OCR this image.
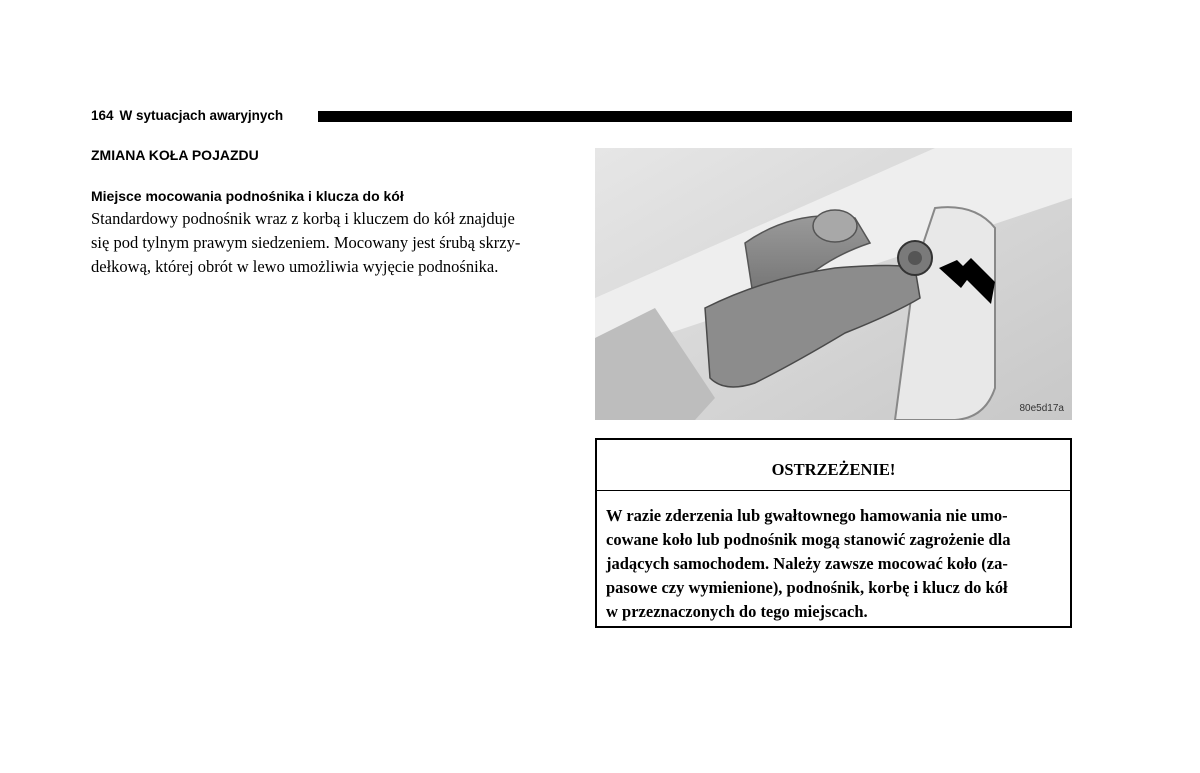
164 W sytuacjach awaryjnych
ZMIANA KOŁA POJAZDU
Miejsce mocowania podnośnika i klucza do kół
Standardowy podnośnik wraz z korbą i kluczem do kół znajduje
się pod tylnym prawym siedzeniem. Mocowany jest śrubą skrzy-
dełkową, której obrót w lewo umożliwia wyjęcie podnośnika.
80e5d17a
OSTRZEŻENIE!
W razie zderzenia lub gwałtownego hamowania nie umo-
cowane koło lub podnośnik mogą stanowić zagrożenie dla
jadących samochodem. Należy zawsze mocować koło (za-
pasowe czy wymienione), podnośnik, korbę i klucz do kół
w przeznaczonych do tego miejscach.
